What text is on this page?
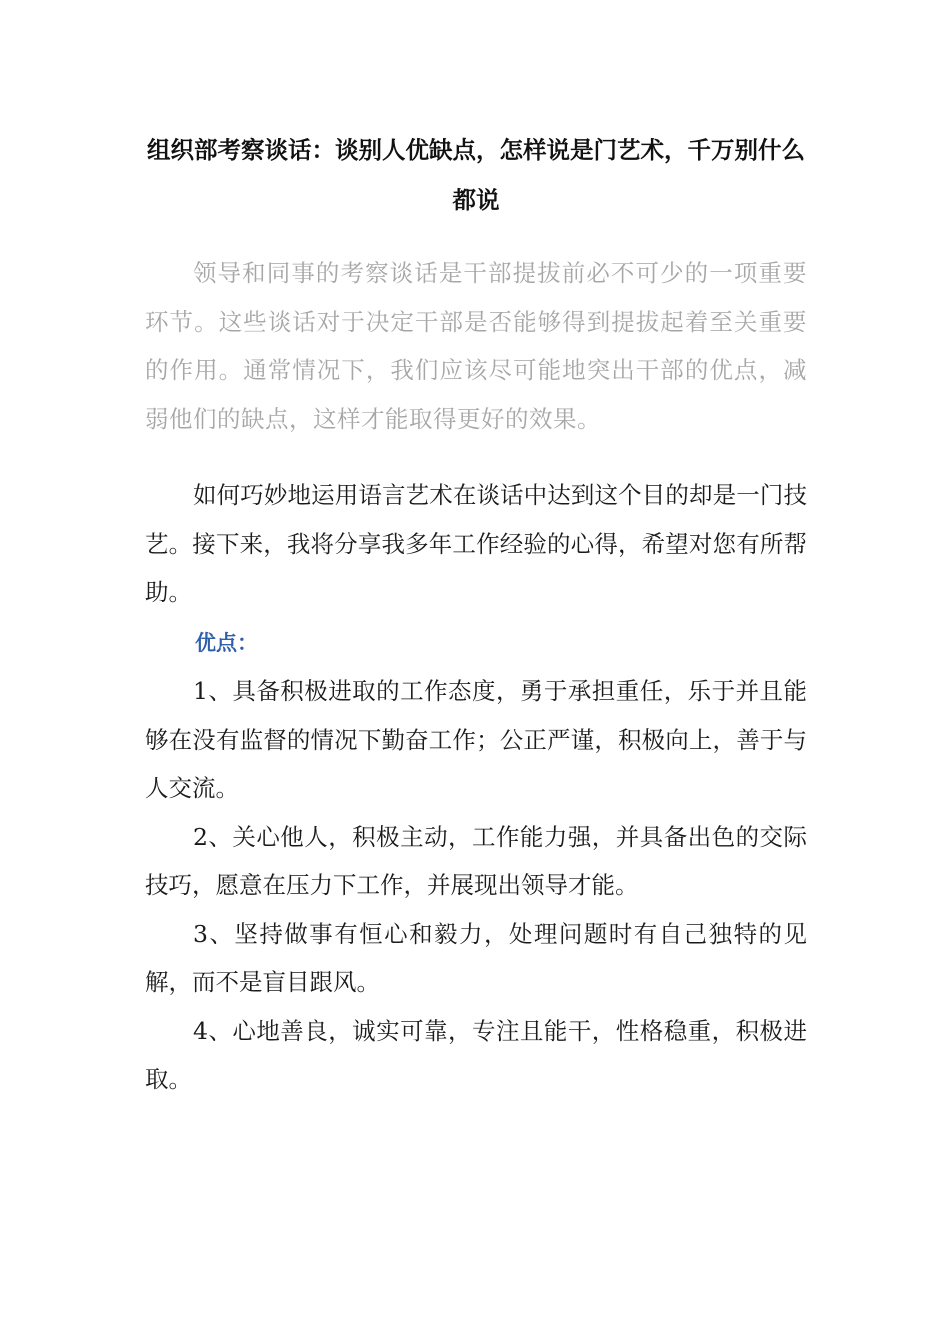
组织部考察谈话：谈别人优缺点，怎样说是门艺术，千万别什么都说

领导和同事的考察谈话是干部提拔前必不可少的一项重要环节。这些谈话对于决定干部是否能够得到提拔起着至关重要的作用。通常情况下，我们应该尽可能地突出干部的优点，减弱他们的缺点，这样才能取得更好的效果。

如何巧妙地运用语言艺术在谈话中达到这个目的却是一门技艺。接下来，我将分享我多年工作经验的心得，希望对您有所帮助。

优点：

1、具备积极进取的工作态度，勇于承担重任，乐于并且能够在没有监督的情况下勤奋工作；公正严谨，积极向上，善于与人交流。

2、关心他人，积极主动，工作能力强，并具备出色的交际技巧，愿意在压力下工作，并展现出领导才能。

3、坚持做事有恒心和毅力，处理问题时有自己独特的见解，而不是盲目跟风。

4、心地善良，诚实可靠，专注且能干，性格稳重，积极进取。
